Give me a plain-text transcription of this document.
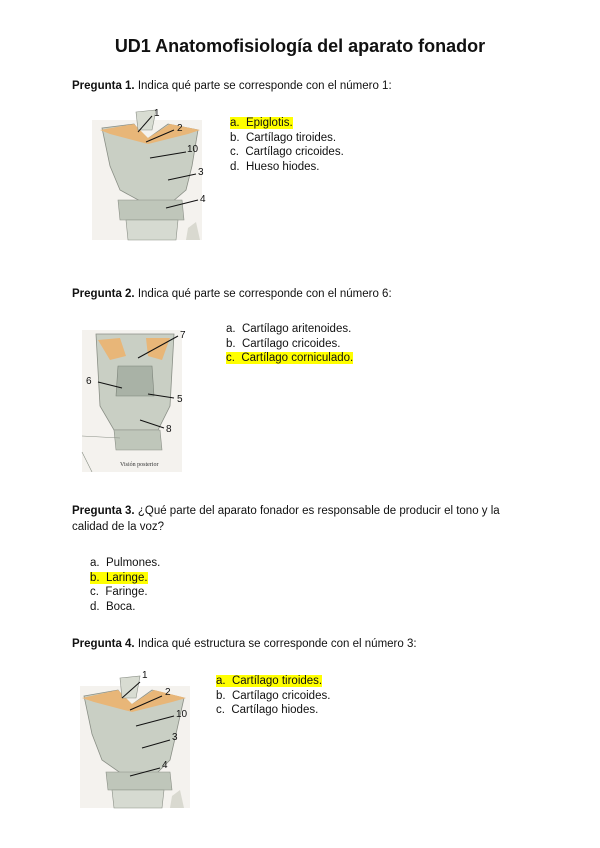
UD1 Anatomofisiología del aparato fonador
Pregunta 1. Indica qué parte se corresponde con el número 1:
1
2
10
3
4
a. Epiglotis.
b. Cartílago tiroides.
c. Cartílago cricoides.
d. Hueso hiodes.
Pregunta 2. Indica qué parte se corresponde con el número 6:
7
6
5
8
Visión posterior
a. Cartílago aritenoides.
b. Cartílago cricoides.
c. Cartílago corniculado.
Pregunta 3. ¿Qué parte del aparato fonador es responsable de producir el tono y la calidad de la voz?
a. Pulmones.
b. Laringe.
c. Faringe.
d. Boca.
Pregunta 4. Indica qué estructura se corresponde con el número 3:
1
2
10
3
4
a. Cartílago tiroides.
b. Cartílago cricoides.
c. Cartílago hiodes.
